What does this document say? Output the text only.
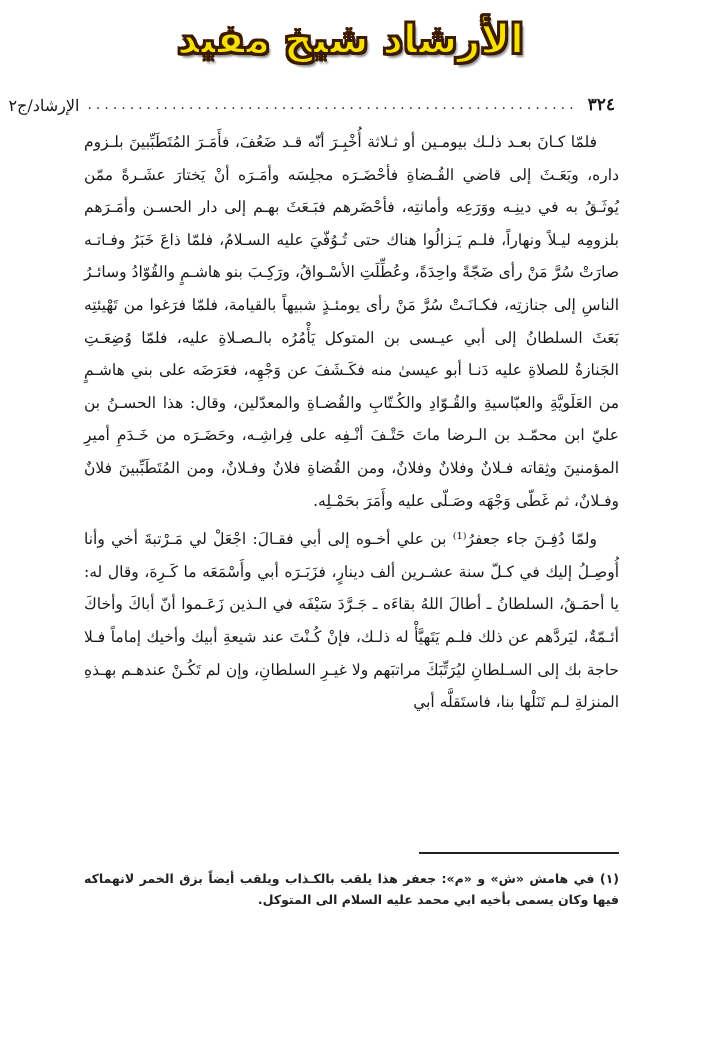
الأرشاد شيخ مفيد
٣٢٤
..........................................................
الإرشاد/ج٢

فلمّا كـانَ بعـد ذلـك بيومـين أو ثـلاثة أُخْبِـرَ أنّه قـد ضَعُفَ، فأَمَـرَ المُتَطَبِّبينَ بلـزوم داره، وبَعَـثَ إلى قاضي القُـضاةِ فأحْضَـرَه مجلِسَه وأمَـرَه أنْ يَختارَ عشَـرةً ممّن يُوثَـقُ به في دينِـه ووَرَعِه وأمانتِه، فأحْضَرهم فبَـعَثَ بهـم إلى دار الحسـن وأمَـرَهم بلزومِه ليـلاً ونهاراً، فلـم يَـزالُوا هناك حتى تُـوُفّيَ عليه السـلامُ، فلمّا ذاعَ خَبَرُ وفـاتـه صارَتْ سُرَّ مَنْ رأى ضَجّةً واحِدَةً، وعُطِّلَتِ الأسْـواقُ، ورَكِـبَ بنو هاشـمٍ والقُوّادُ وسائـرُ الناسِ إلى جنازتِه، فكـانَـتْ سُرَّ مَنْ رأى يومئـذٍ شبيهاً بالقيامة، فلمّا فرَغوا من تَهْيئتِه بَعَثَ السلطانُ إلى أبي عيـسى بن المتوكل يَأْمُرُه بالـصـلاةِ عليه، فلمّا وُضِعَـتِ الجَنازةُ للصلاةِ عليه دَنـا أبو عيسىٰ منه فكَـشَفَ عن وَجْهِه، فعَرَضَه على بني هاشـمٍ من العَلَويَّةِ والعبّاسيةِ والقُـوّادِ والكُـتّابِ والقُضـاةِ والمعدّلين، وقال: هذا الحسـنُ بن عليّ ابن محمّـد بن الـرضا ماتَ حَتْـفَ أنْـفِه على فِراشِـه، وحَضَـرَه من خَـدَمِ أميرِ المؤمنينَ وثِقاته فـلانٌ وفلانٌ وفلانٌ، ومن القُضاةِ فلانٌ وفـلانٌ، ومن المُتَطَبِّبينَ فلانٌ وفـلانٌ، ثم غَطّى وَجْهَه وصَـلّى عليه وأَمَرَ بحَمْـلِه.

ولمّا دُفِـنَ جاء جعفرُ⁽¹⁾ بن علي أخـوه إلى أبي فقـالَ: اجْعَلْ لي مَـرْتبةَ أخي وأنا أُوصِـلُ إليك في كـلّ سنة عشـرين ألف دينارٍ، فزَبَـرَه أبي وأَسْمَعَه ما كَـرِهَ، وقال له: يا أحمَـقُ، السلطانُ ـ أطالَ اللهُ بقاءَه ـ جَـرَّدَ سَيْفَه في الـذين زَعَـموا أنّ أباكَ وأخاكَ أئـمّةٌ، ليَردَّهم عن ذلك فلـم يَتَهيَّأْ له ذلـك، فإنْ كُـنْتَ عند شيعةِ أبيك وأخيك إماماً فـلا حاجة بك إلى السـلطانِ ليُرَتِّبَكَ مراتبَهم ولا غيـرِ السلطانِ، وإن لم تَكُـنْ عندهـم بهـذهِ المنزلةِ لـم تَنَلْها بنا، فاستَقلَّه أبي

(١) في هامش «ش» و «م»: جعفر هذا يلقب بالكـذاب ويلقب أيضاً بزق الخمر لانهماكه فيها وكان يسمى بأخيه ابي محمد عليه السلام الى المتوكل.
